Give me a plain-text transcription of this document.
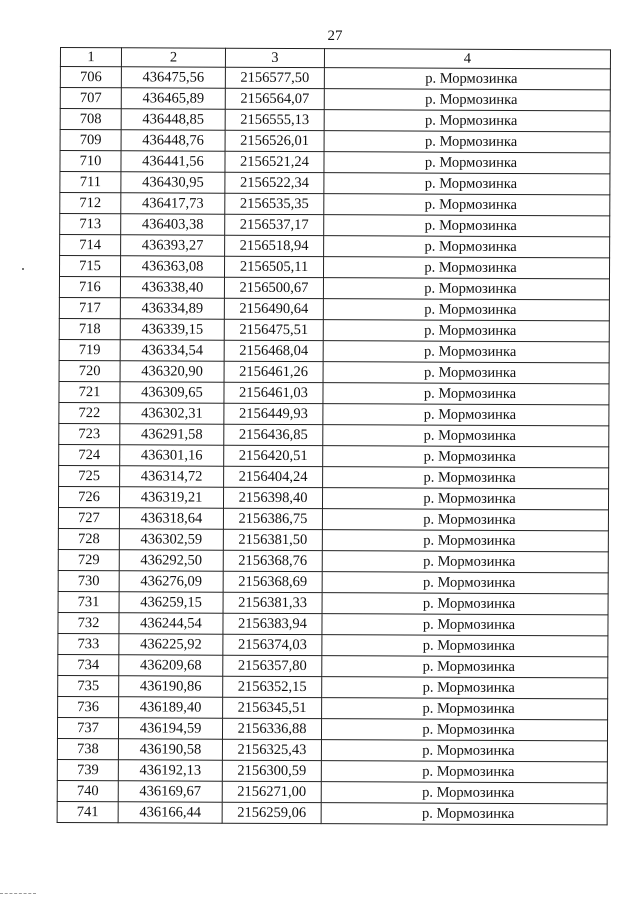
27
1	2	3	4
706	436475,56	2156577,50	р. Мормозинка
707	436465,89	2156564,07	р. Мормозинка
708	436448,85	2156555,13	р. Мормозинка
709	436448,76	2156526,01	р. Мормозинка
710	436441,56	2156521,24	р. Мормозинка
711	436430,95	2156522,34	р. Мормозинка
712	436417,73	2156535,35	р. Мормозинка
713	436403,38	2156537,17	р. Мормозинка
714	436393,27	2156518,94	р. Мормозинка
715	436363,08	2156505,11	р. Мормозинка
716	436338,40	2156500,67	р. Мормозинка
717	436334,89	2156490,64	р. Мормозинка
718	436339,15	2156475,51	р. Мормозинка
719	436334,54	2156468,04	р. Мормозинка
720	436320,90	2156461,26	р. Мормозинка
721	436309,65	2156461,03	р. Мормозинка
722	436302,31	2156449,93	р. Мормозинка
723	436291,58	2156436,85	р. Мормозинка
724	436301,16	2156420,51	р. Мормозинка
725	436314,72	2156404,24	р. Мормозинка
726	436319,21	2156398,40	р. Мормозинка
727	436318,64	2156386,75	р. Мормозинка
728	436302,59	2156381,50	р. Мормозинка
729	436292,50	2156368,76	р. Мормозинка
730	436276,09	2156368,69	р. Мормозинка
731	436259,15	2156381,33	р. Мормозинка
732	436244,54	2156383,94	р. Мормозинка
733	436225,92	2156374,03	р. Мормозинка
734	436209,68	2156357,80	р. Мормозинка
735	436190,86	2156352,15	р. Мормозинка
736	436189,40	2156345,51	р. Мормозинка
737	436194,59	2156336,88	р. Мормозинка
738	436190,58	2156325,43	р. Мормозинка
739	436192,13	2156300,59	р. Мормозинка
740	436169,67	2156271,00	р. Мормозинка
741	436166,44	2156259,06	р. Мормозинка
